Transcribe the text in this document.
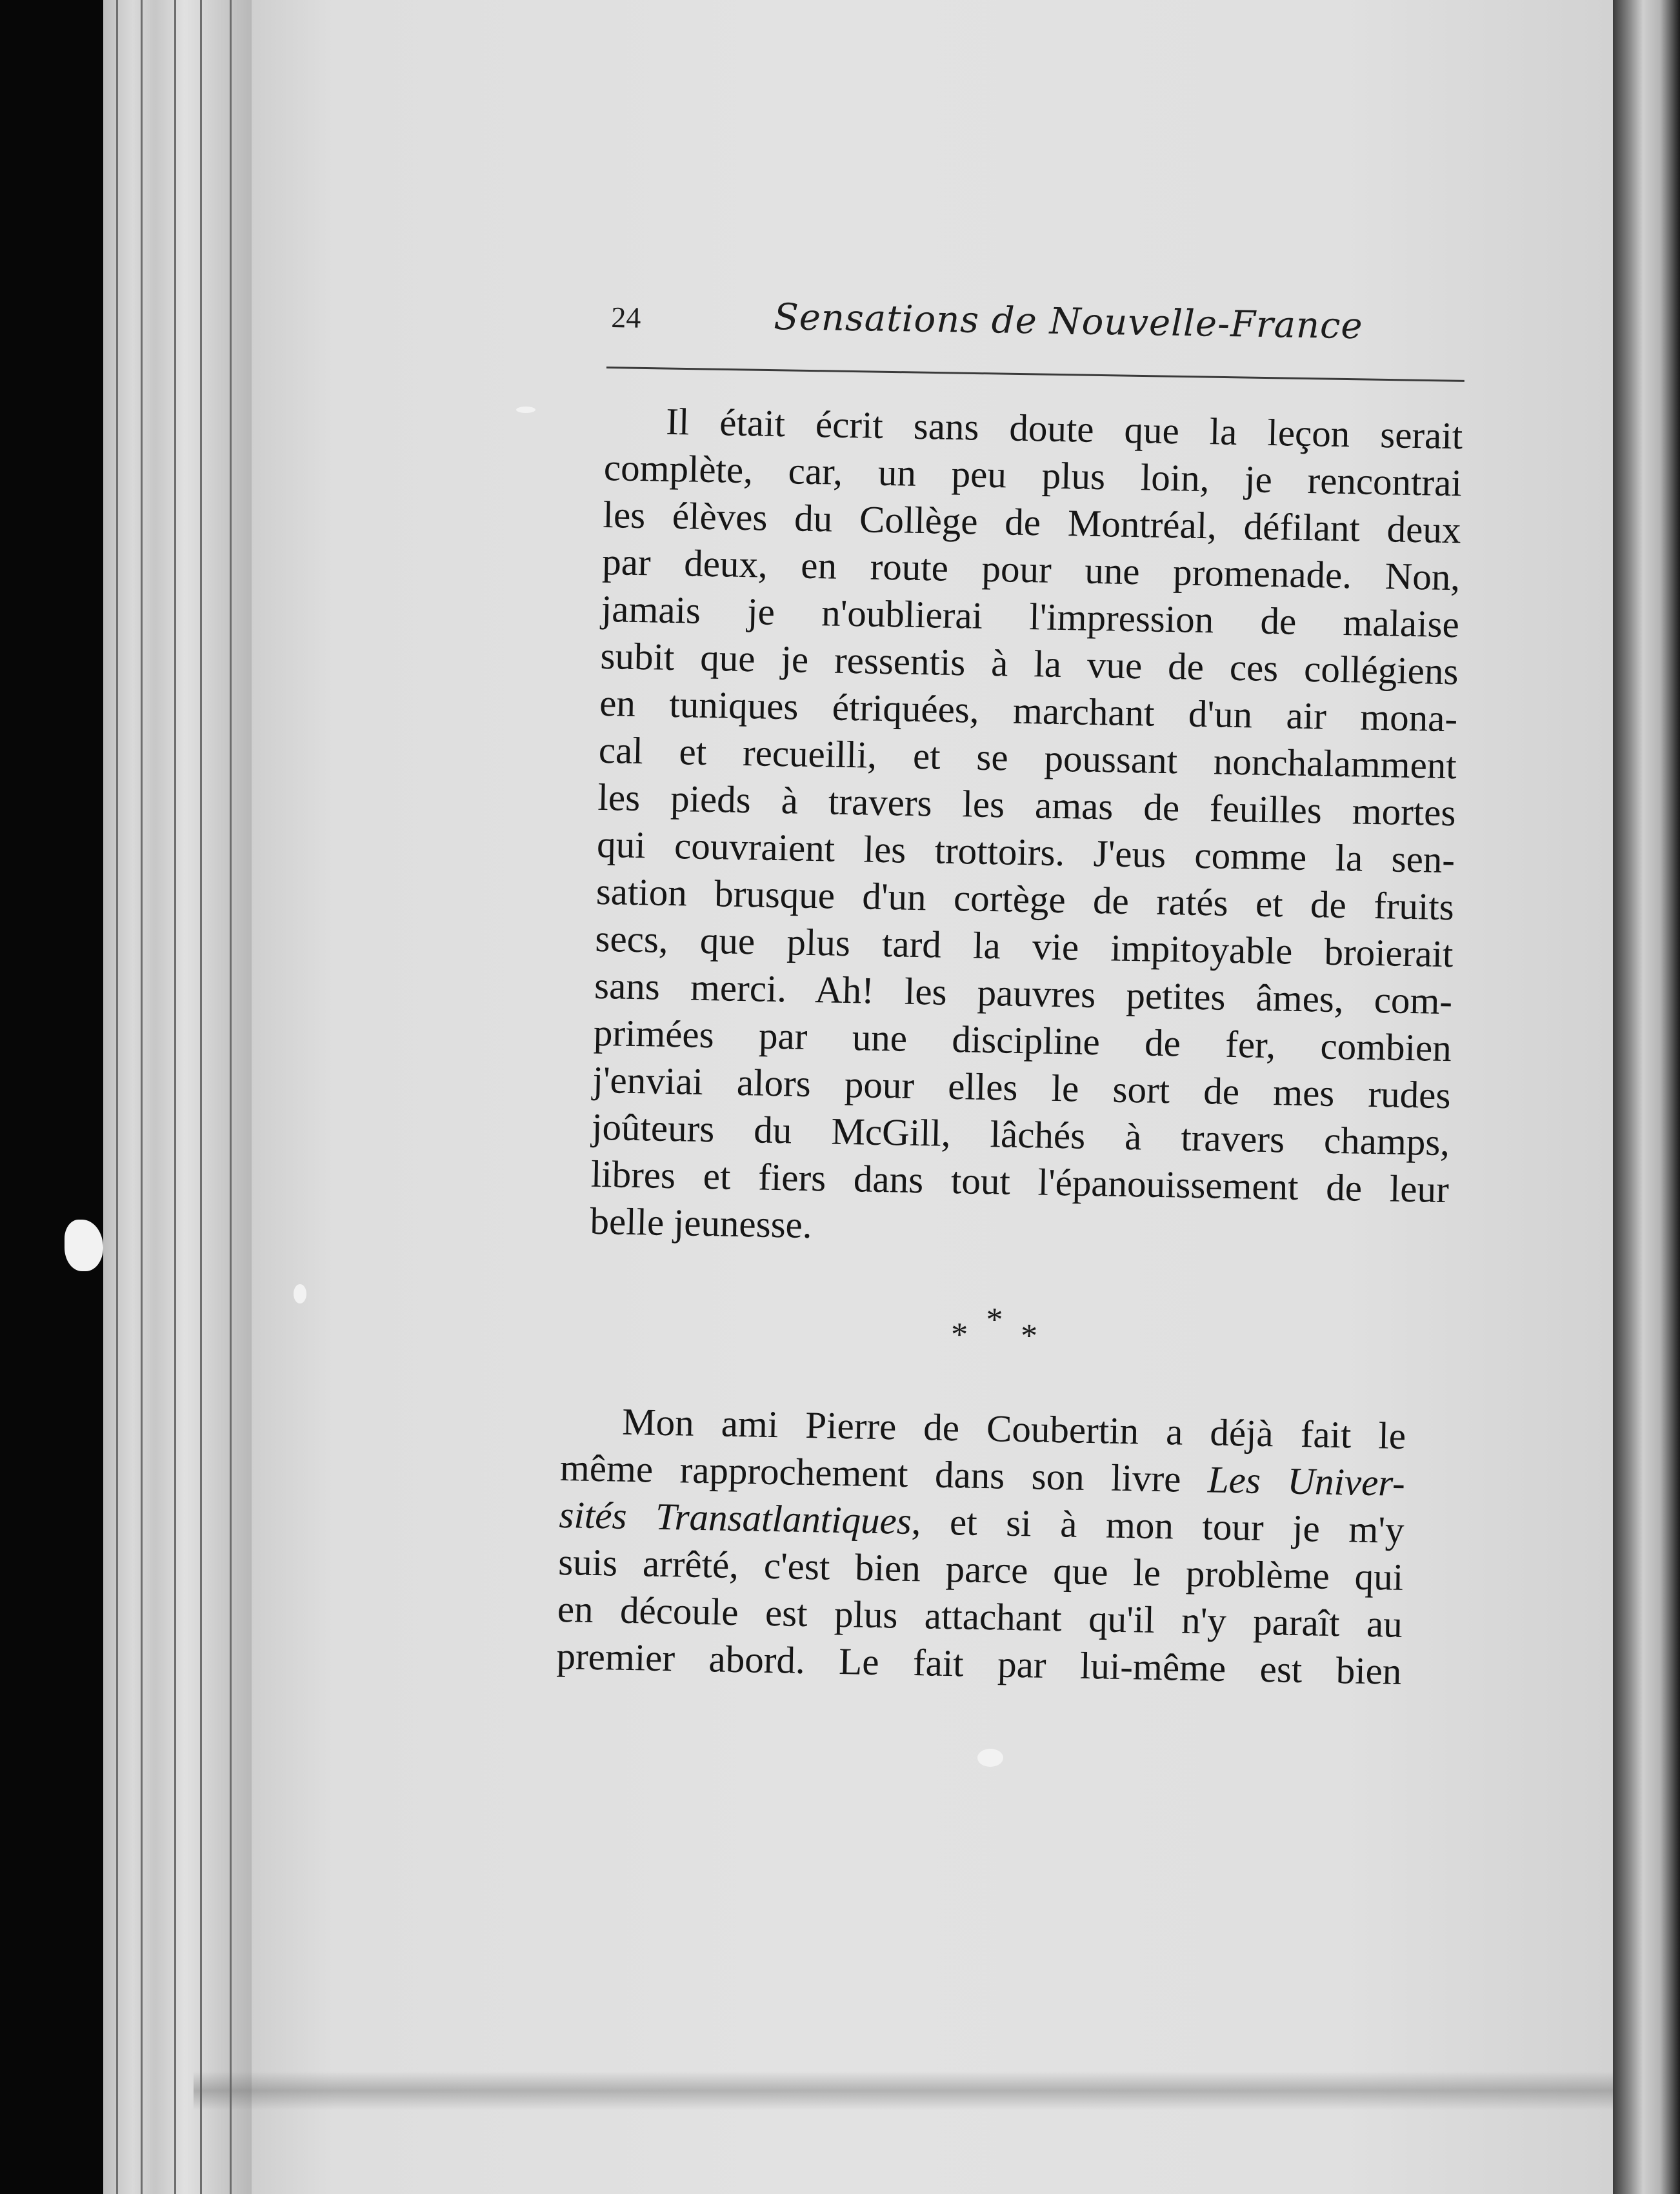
24	Sensations de Nouvelle-France
Il était écrit sans doute que la leçon serait
complète, car, un peu plus loin, je rencontrai
les élèves du Collège de Montréal, défilant deux
par deux, en route pour une promenade. Non,
jamais je n'oublierai l'impression de malaise
subit que je ressentis à la vue de ces collégiens
en tuniques étriquées, marchant d'un air mona-
cal et recueilli, et se poussant nonchalamment
les pieds à travers les amas de feuilles mortes
qui couvraient les trottoirs. J'eus comme la sen-
sation brusque d'un cortège de ratés et de fruits
secs, que plus tard la vie impitoyable broierait
sans merci. Ah! les pauvres petites âmes, com-
primées par une discipline de fer, combien
j'enviai alors pour elles le sort de mes rudes
joûteurs du McGill, lâchés à travers champs,
libres et fiers dans tout l'épanouissement de leur
belle jeunesse.
* * *
Mon ami Pierre de Coubertin a déjà fait le
même rapprochement dans son livre Les Univer-
sités Transatlantiques, et si à mon tour je m'y
suis arrêté, c'est bien parce que le problème qui
en découle est plus attachant qu'il n'y paraît au
premier abord. Le fait par lui-même est bien
